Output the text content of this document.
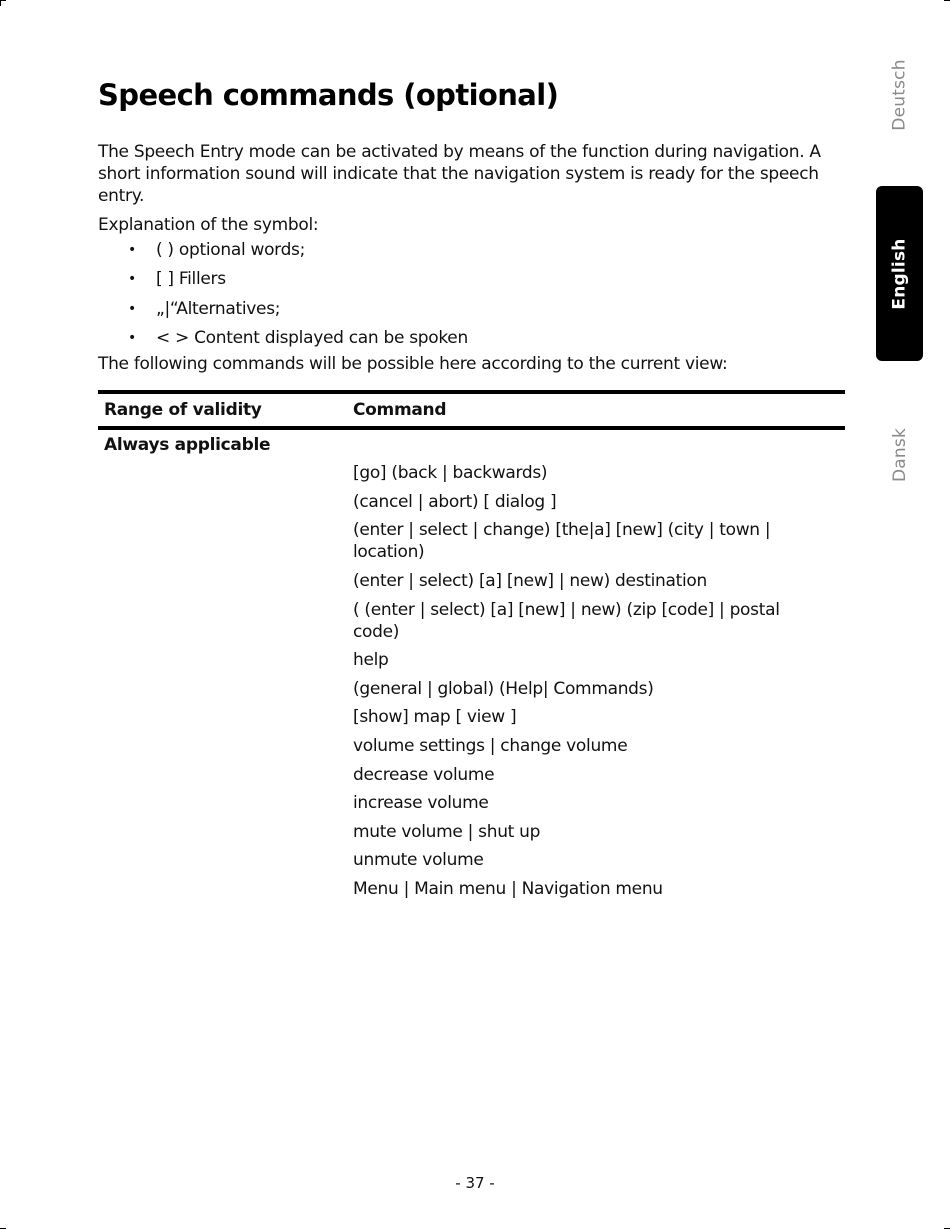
Speech commands (optional)

The Speech Entry mode can be activated by means of the function during navigation. A short information sound will indicate that the navigation system is ready for the speech entry.

Explanation of the symbol:

• ( ) optional words;
• [ ] Fillers
• „|“Alternatives;
• < > Content displayed can be spoken

The following commands will be possible here according to the current view:

Range of validity	Command
Always applicable
[go] (back | backwards)
(cancel | abort) [ dialog ]
(enter | select | change) [the|a] [new] (city | town | location)
(enter | select) [a] [new] | new) destination
( (enter | select) [a] [new] | new) (zip [code] | postal code)
help
(general | global) (Help| Commands)
[show] map [ view ]
volume settings | change volume
decrease volume
increase volume
mute volume | shut up
unmute volume
Menu | Main menu | Navigation menu
Deutsch
English
Dansk
- 37 -
